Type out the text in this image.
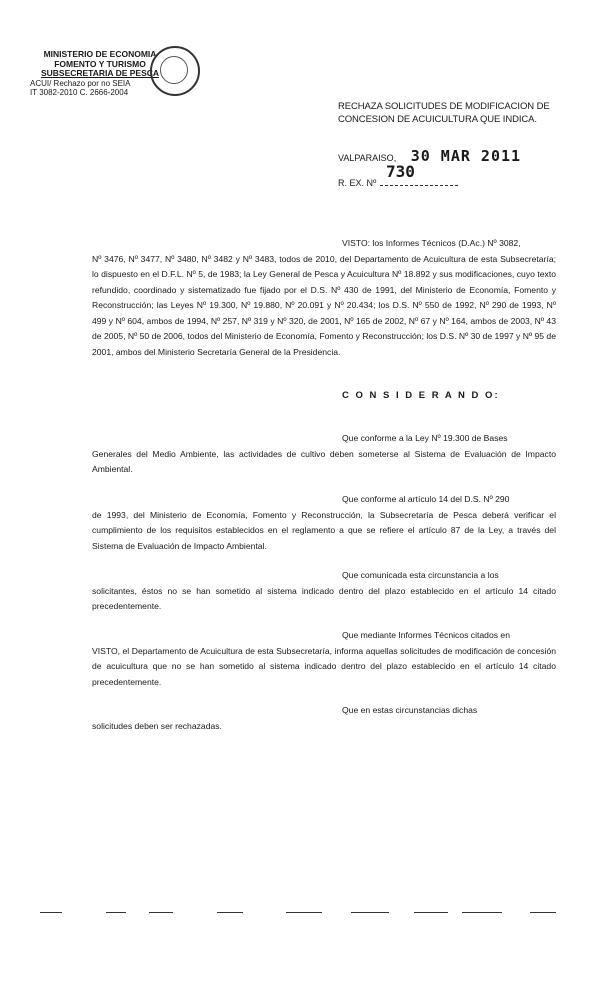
MINISTERIO DE ECONOMIA
FOMENTO Y TURISMO
SUBSECRETARIA DE PESCA
ACUI/ Rechazo por no SEIA
IT 3082-2010 C. 2666-2004
RECHAZA SOLICITUDES DE MODIFICACION DE CONCESION DE ACUICULTURA QUE INDICA.
VALPARAISO, 30 MAR 2011
730
R. EX. Nº
VISTO: los Informes Técnicos (D.Ac.) Nº 3082,
Nº 3476, Nº 3477, Nº 3480, Nº 3482 y Nº 3483, todos de 2010, del Departamento de Acuicultura de esta Subsecretaría; lo dispuesto en el D.F.L. Nº 5, de 1983; la Ley General de Pesca y Acuicultura Nº 18.892 y sus modificaciones, cuyo texto refundido, coordinado y sistematizado fue fijado por el D.S. Nº 430 de 1991, del Ministerio de Economía, Fomento y Reconstrucción; las Leyes Nº 19.300, Nº 19.880, Nº 20.091 y Nº 20.434; los D.S. Nº 550 de 1992, Nº 290 de 1993, Nº 499 y Nº 604, ambos de 1994, Nº 257, Nº 319 y Nº 320, de 2001, Nº 165 de 2002, Nº 67 y Nº 164, ambos de 2003, Nº 43 de 2005, Nº 50 de 2006, todos del Ministerio de Economía, Fomento y Reconstrucción; los D.S. Nº 30 de 1997 y Nº 95 de 2001, ambos del Ministerio Secretaría General de la Presidencia.
C O N S I D E R A N D O:
Que conforme a la Ley Nº 19.300 de Bases
Generales del Medio Ambiente, las actividades de cultivo deben someterse al Sistema de Evaluación de Impacto Ambiental.
Que conforme al artículo 14 del D.S. Nº 290
de 1993, del Ministerio de Economía, Fomento y Reconstrucción, la Subsecretaría de Pesca deberá verificar el cumplimiento de los requisitos establecidos en el reglamento a que se refiere el artículo 87 de la Ley, a través del Sistema de Evaluación de Impacto Ambiental.
Que comunicada esta circunstancia a los
solicitantes, éstos no se han sometido al sistema indicado dentro del plazo establecido en el artículo 14 citado precedentemente.
Que mediante Informes Técnicos citados en
VISTO, el Departamento de Acuicultura de esta Subsecretaría, informa aquellas solicitudes de modificación de concesión de acuicultura que no se han sometido al sistema indicado dentro del plazo establecido en el artículo 14 citado precedentemente.
Que en estas circunstancias dichas
solicitudes deben ser rechazadas.
